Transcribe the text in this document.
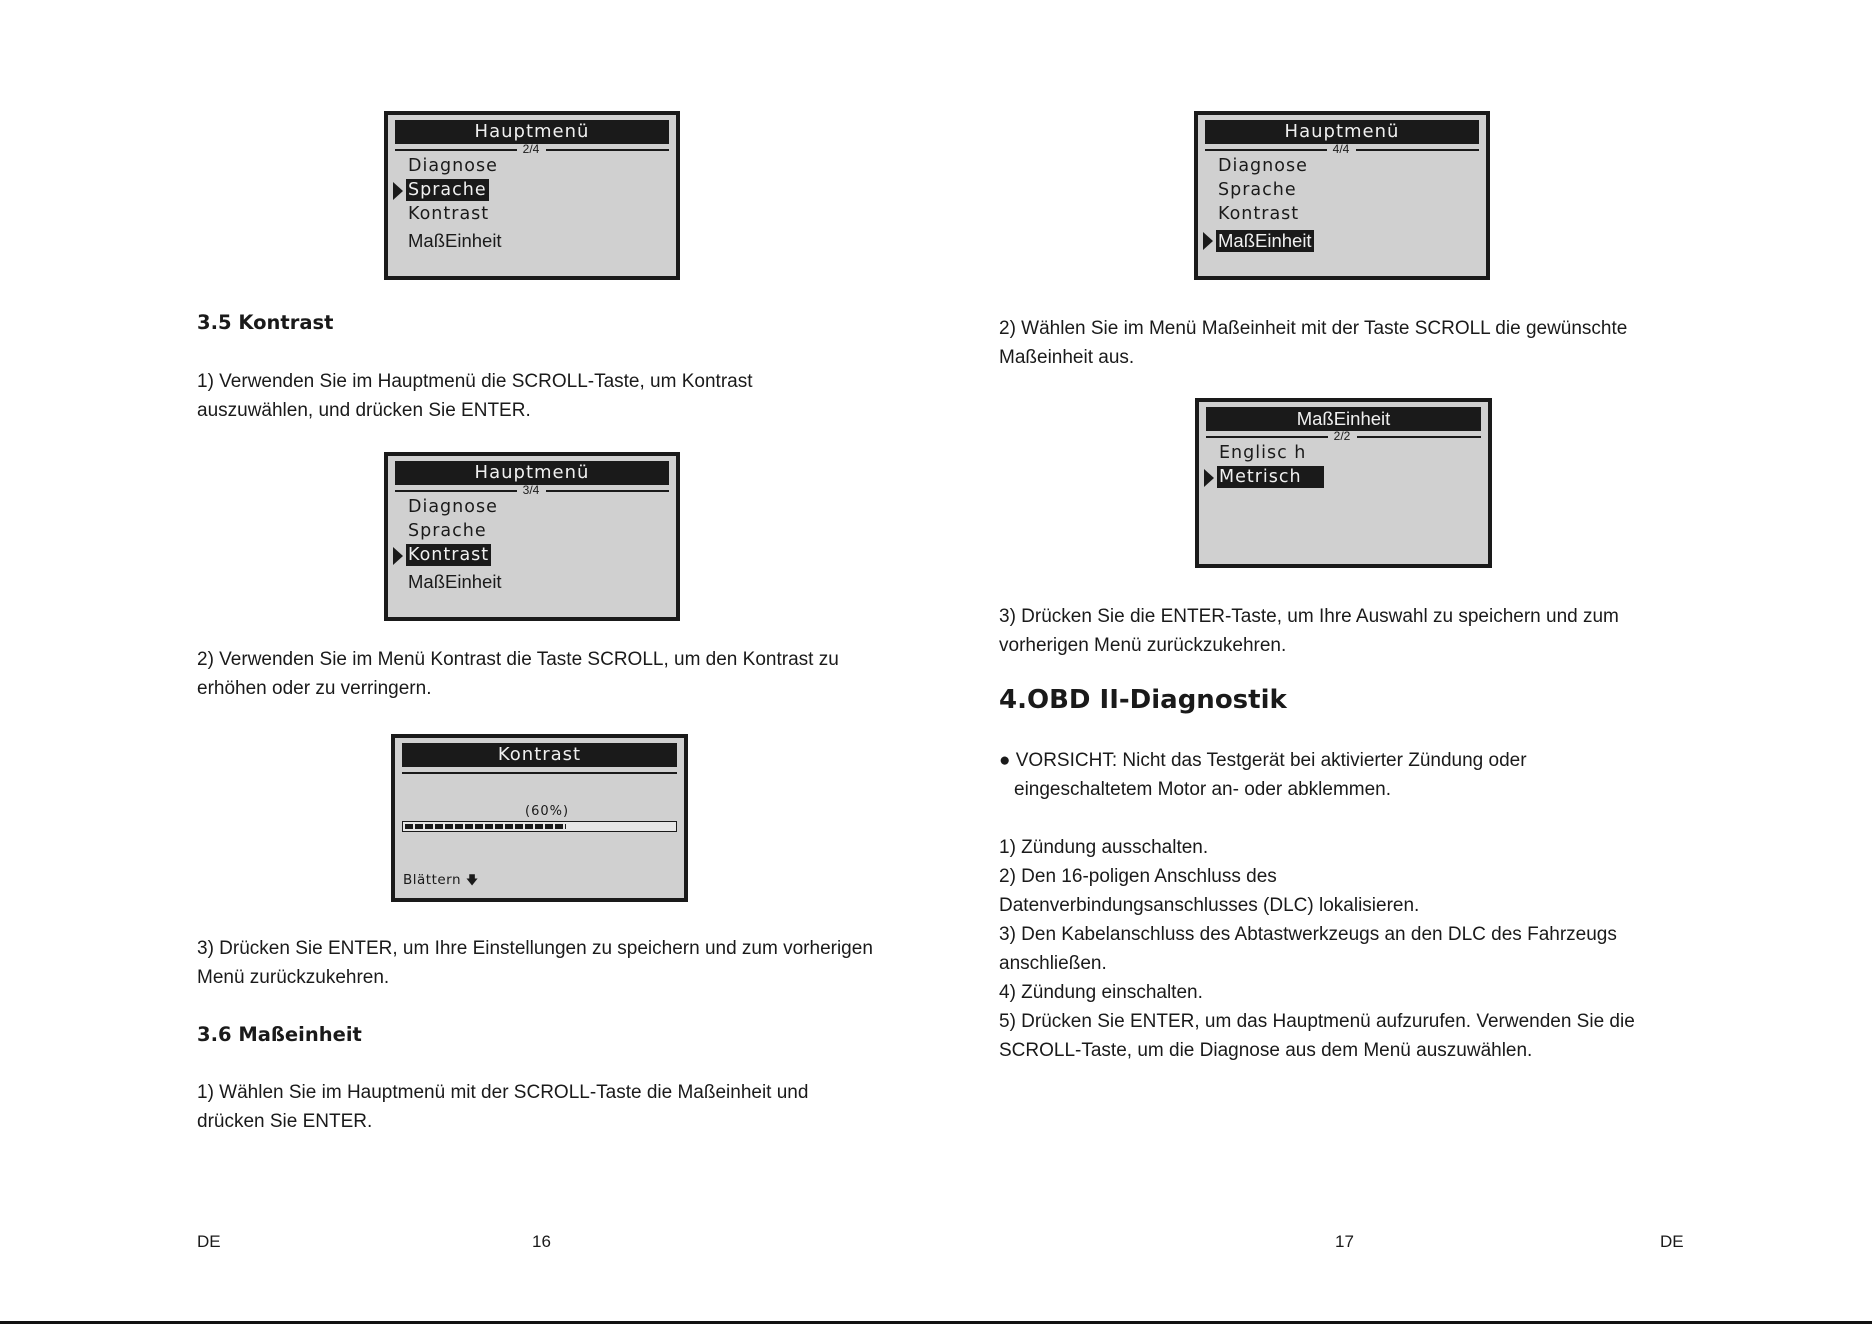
Hauptmenü
2/4
Diagnose
Sprache
Kontrast
MaßEinheit
3.5 Kontrast

1) Verwenden Sie im Hauptmenü die SCROLL-Taste, um Kontrast
auszuwählen, und drücken Sie ENTER.

Hauptmenü
3/4
Diagnose
Sprache
Kontrast
MaßEinheit

2) Verwenden Sie im Menü Kontrast die Taste SCROLL, um den Kontrast zu
erhöhen oder zu verringern.

Kontrast
(60%)
Blättern 🡇

3) Drücken Sie ENTER, um Ihre Einstellungen zu speichern und zum vorherigen
Menü zurückzukehren.

3.6 Maßeinheit

1) Wählen Sie im Hauptmenü mit der SCROLL-Taste die Maßeinheit und
drücken Sie ENTER.

DE	16
Hauptmenü
4/4
Diagnose
Sprache
Kontrast
MaßEinheit

2) Wählen Sie im Menü Maßeinheit mit der Taste SCROLL die gewünschte
Maßeinheit aus.

MaßEinheit
2/2
Englisc h
Metrisch

3) Drücken Sie die ENTER-Taste, um Ihre Auswahl zu speichern und zum
vorherigen Menü zurückzukehren.

4.OBD II-Diagnostik

● VORSICHT: Nicht das Testgerät bei aktivierter Zündung oder
eingeschaltetem Motor an- oder abklemmen.

1) Zündung ausschalten.
2) Den 16-poligen Anschluss des
Datenverbindungsanschlusses (DLC) lokalisieren.
3) Den Kabelanschluss des Abtastwerkzeugs an den DLC des Fahrzeugs
anschließen.
4) Zündung einschalten.
5) Drücken Sie ENTER, um das Hauptmenü aufzurufen. Verwenden Sie die
SCROLL-Taste, um die Diagnose aus dem Menü auszuwählen.

17	DE
